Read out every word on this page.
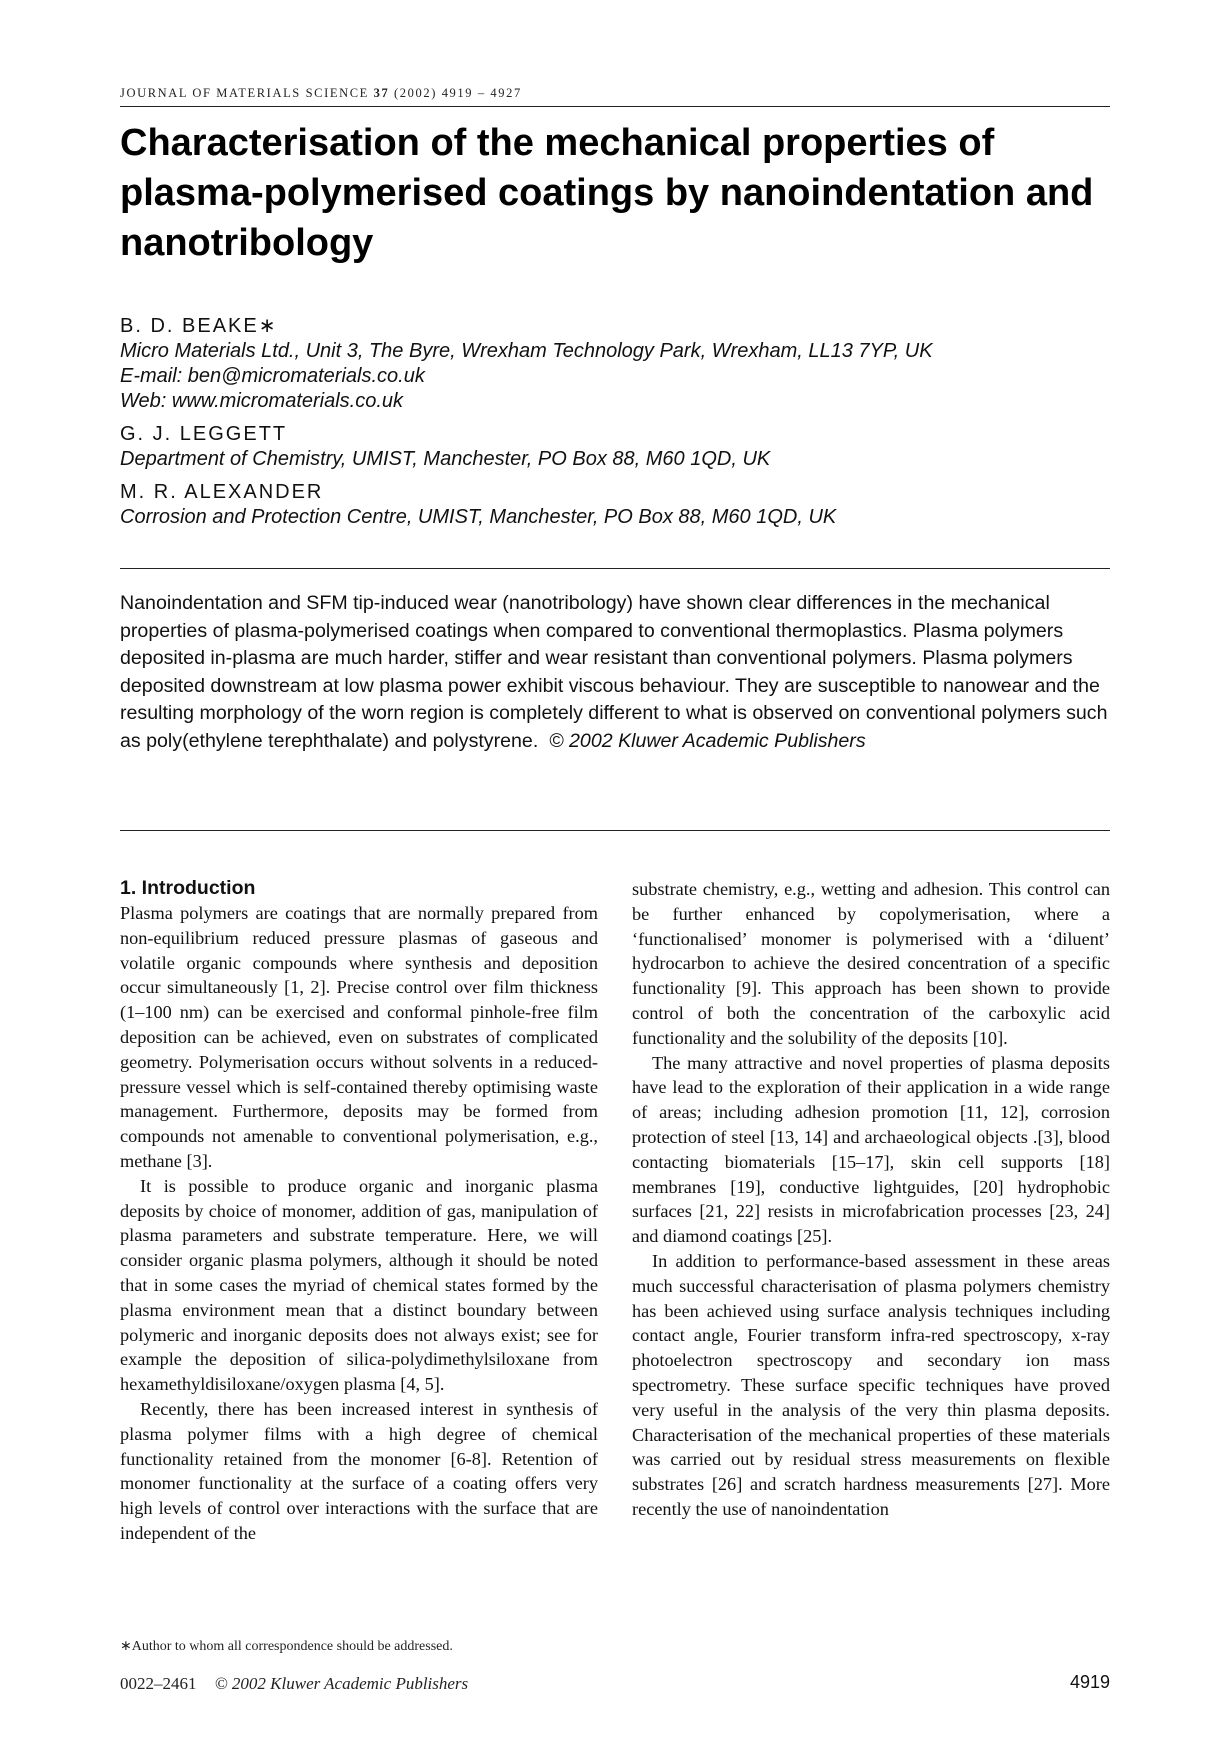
JOURNAL OF MATERIALS SCIENCE 37 (2002) 4919 – 4927
Characterisation of the mechanical properties of plasma-polymerised coatings by nanoindentation and nanotribology
B. D. BEAKE∗
Micro Materials Ltd., Unit 3, The Byre, Wrexham Technology Park, Wrexham, LL13 7YP, UK
E-mail: ben@micromaterials.co.uk
Web: www.micromaterials.co.uk
G. J. LEGGETT
Department of Chemistry, UMIST, Manchester, PO Box 88, M60 1QD, UK
M. R. ALEXANDER
Corrosion and Protection Centre, UMIST, Manchester, PO Box 88, M60 1QD, UK
Nanoindentation and SFM tip-induced wear (nanotribology) have shown clear differences in the mechanical properties of plasma-polymerised coatings when compared to conventional thermoplastics. Plasma polymers deposited in-plasma are much harder, stiffer and wear resistant than conventional polymers. Plasma polymers deposited downstream at low plasma power exhibit viscous behaviour. They are susceptible to nanowear and the resulting morphology of the worn region is completely different to what is observed on conventional polymers such as poly(ethylene terephthalate) and polystyrene. © 2002 Kluwer Academic Publishers
1. Introduction

Plasma polymers are coatings that are normally prepared from non-equilibrium reduced pressure plasmas of gaseous and volatile organic compounds where synthesis and deposition occur simultaneously [1, 2]. Precise control over film thickness (1–100 nm) can be exercised and conformal pinhole-free film deposition can be achieved, even on substrates of complicated geometry. Polymerisation occurs without solvents in a reduced-pressure vessel which is self-contained thereby optimising waste management. Furthermore, deposits may be formed from compounds not amenable to conventional polymerisation, e.g., methane [3].

It is possible to produce organic and inorganic plasma deposits by choice of monomer, addition of gas, manipulation of plasma parameters and substrate temperature. Here, we will consider organic plasma polymers, although it should be noted that in some cases the myriad of chemical states formed by the plasma environment mean that a distinct boundary between polymeric and inorganic deposits does not always exist; see for example the deposition of silica-polydimethylsiloxane from hexamethyldisiloxane/oxygen plasma [4, 5].

Recently, there has been increased interest in synthesis of plasma polymer films with a high degree of chemical functionality retained from the monomer [6-8]. Retention of monomer functionality at the surface of a coating offers very high levels of control over interactions with the surface that are independent of the

substrate chemistry, e.g., wetting and adhesion. This control can be further enhanced by copolymerisation, where a ‘functionalised’ monomer is polymerised with a ‘diluent’ hydrocarbon to achieve the desired concentration of a specific functionality [9]. This approach has been shown to provide control of both the concentration of the carboxylic acid functionality and the solubility of the deposits [10].

The many attractive and novel properties of plasma deposits have lead to the exploration of their application in a wide range of areas; including adhesion promotion [11, 12], corrosion protection of steel [13, 14] and archaeological objects .[3], blood contacting biomaterials [15–17], skin cell supports [18] membranes [19], conductive lightguides, [20] hydrophobic surfaces [21, 22] resists in microfabrication processes [23, 24] and diamond coatings [25].

In addition to performance-based assessment in these areas much successful characterisation of plasma polymers chemistry has been achieved using surface analysis techniques including contact angle, Fourier transform infra-red spectroscopy, x-ray photoelectron spectroscopy and secondary ion mass spectrometry. These surface specific techniques have proved very useful in the analysis of the very thin plasma deposits. Characterisation of the mechanical properties of these materials was carried out by residual stress measurements on flexible substrates [26] and scratch hardness measurements [27]. More recently the use of nanoindentation

∗Author to whom all correspondence should be addressed.
0022–2461 © 2002 Kluwer Academic Publishers	4919
